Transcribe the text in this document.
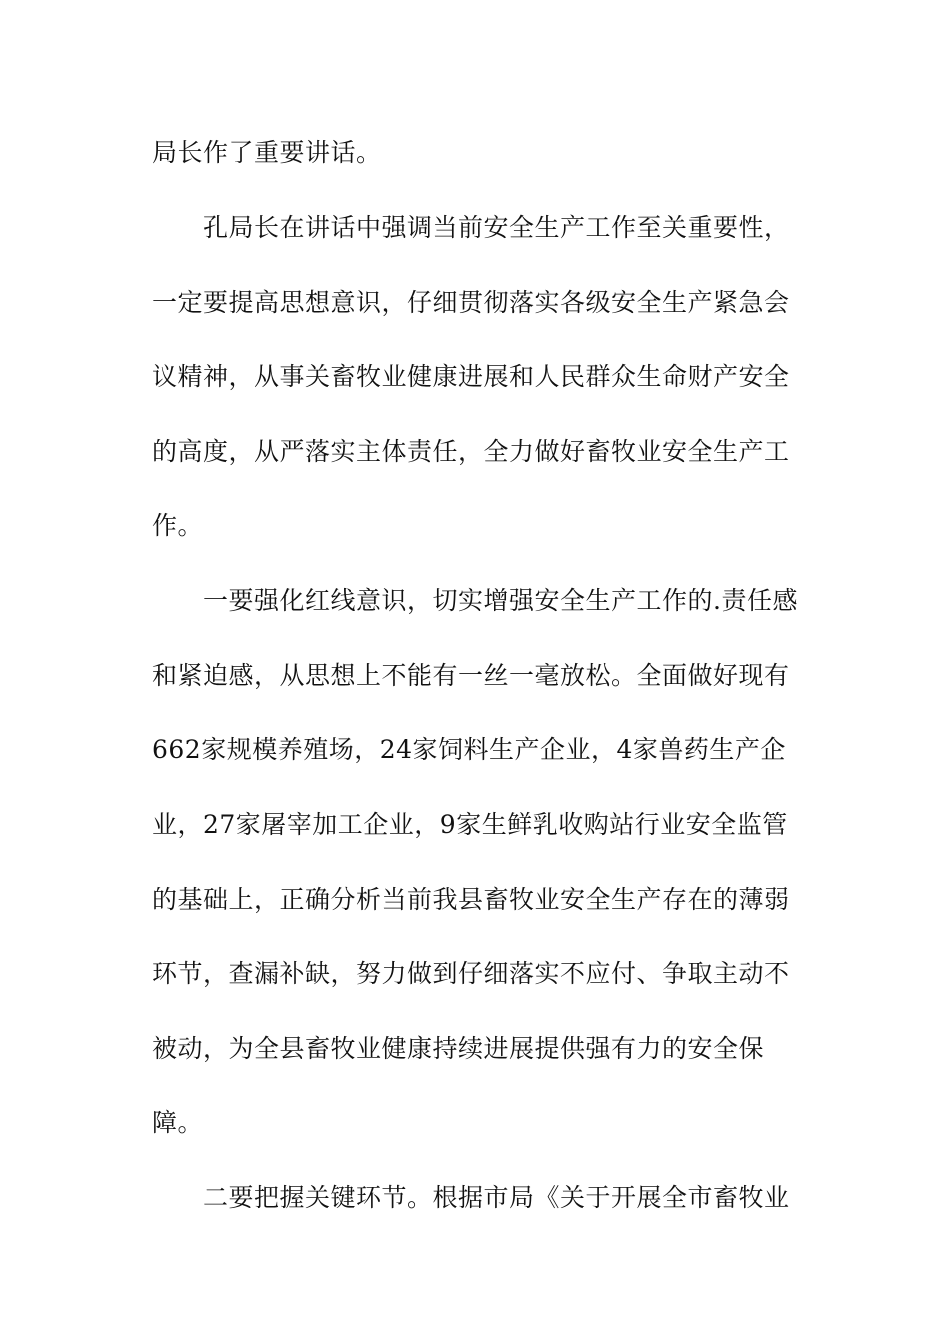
局长作了重要讲话。

孔局长在讲话中强调当前安全生产工作至关重要性，

一定要提高思想意识，仔细贯彻落实各级安全生产紧急会

议精神，从事关畜牧业健康进展和人民群众生命财产安全

的高度，从严落实主体责任，全力做好畜牧业安全生产工

作。

一要强化红线意识，切实增强安全生产工作的.责任感

和紧迫感，从思想上不能有一丝一毫放松。全面做好现有

662家规模养殖场，24家饲料生产企业，4家兽药生产企

业，27家屠宰加工企业，9家生鲜乳收购站行业安全监管

的基础上，正确分析当前我县畜牧业安全生产存在的薄弱

环节，查漏补缺，努力做到仔细落实不应付、争取主动不

被动，为全县畜牧业健康持续进展提供强有力的安全保

障。

二要把握关键环节。根据市局《关于开展全市畜牧业
